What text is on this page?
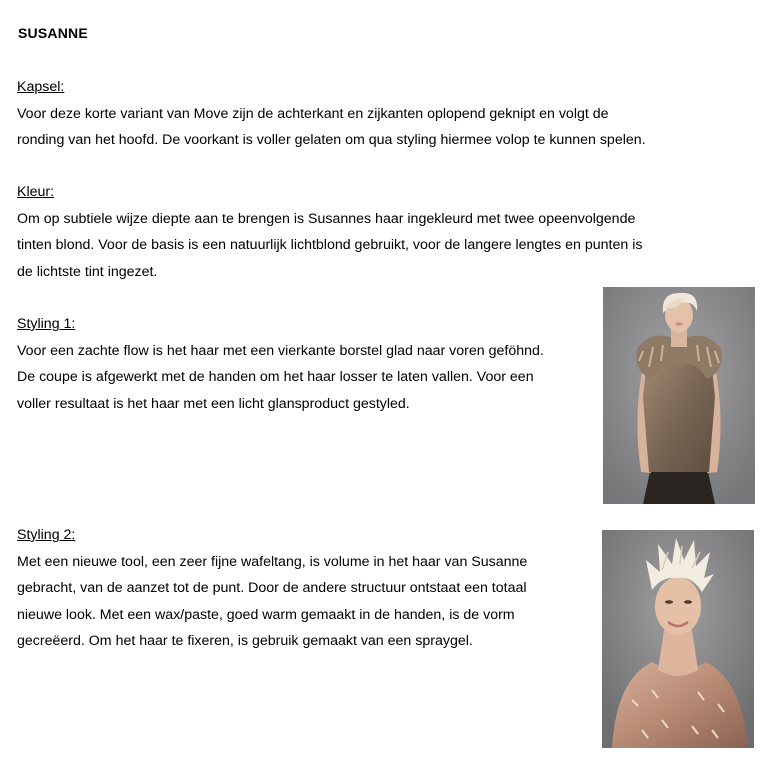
SUSANNE
Kapsel:
Voor deze korte variant van Move zijn de achterkant en zijkanten oplopend geknipt en volgt de
ronding van het hoofd. De voorkant is voller gelaten om qua styling hiermee volop te kunnen spelen.
Kleur:
Om op subtiele wijze diepte aan te brengen is Susannes haar ingekleurd met twee opeenvolgende
tinten blond. Voor de basis is een natuurlijk lichtblond gebruikt, voor de langere lengtes en punten is
de lichtste tint ingezet.
Styling 1:
Voor een zachte flow is het haar met een vierkante borstel glad naar voren geföhnd.
De coupe is afgewerkt met de handen om het haar losser te laten vallen. Voor een
voller resultaat is het haar met een licht glansproduct gestyled.
Styling 2:
Met een nieuwe tool, een zeer fijne wafeltang, is volume in het haar van Susanne
gebracht, van de aanzet tot de punt. Door de andere structuur ontstaat een totaal
nieuwe look. Met een wax/paste, goed warm gemaakt in de handen, is de vorm
gecreëerd. Om het haar te fixeren, is gebruik gemaakt van een spraygel.
